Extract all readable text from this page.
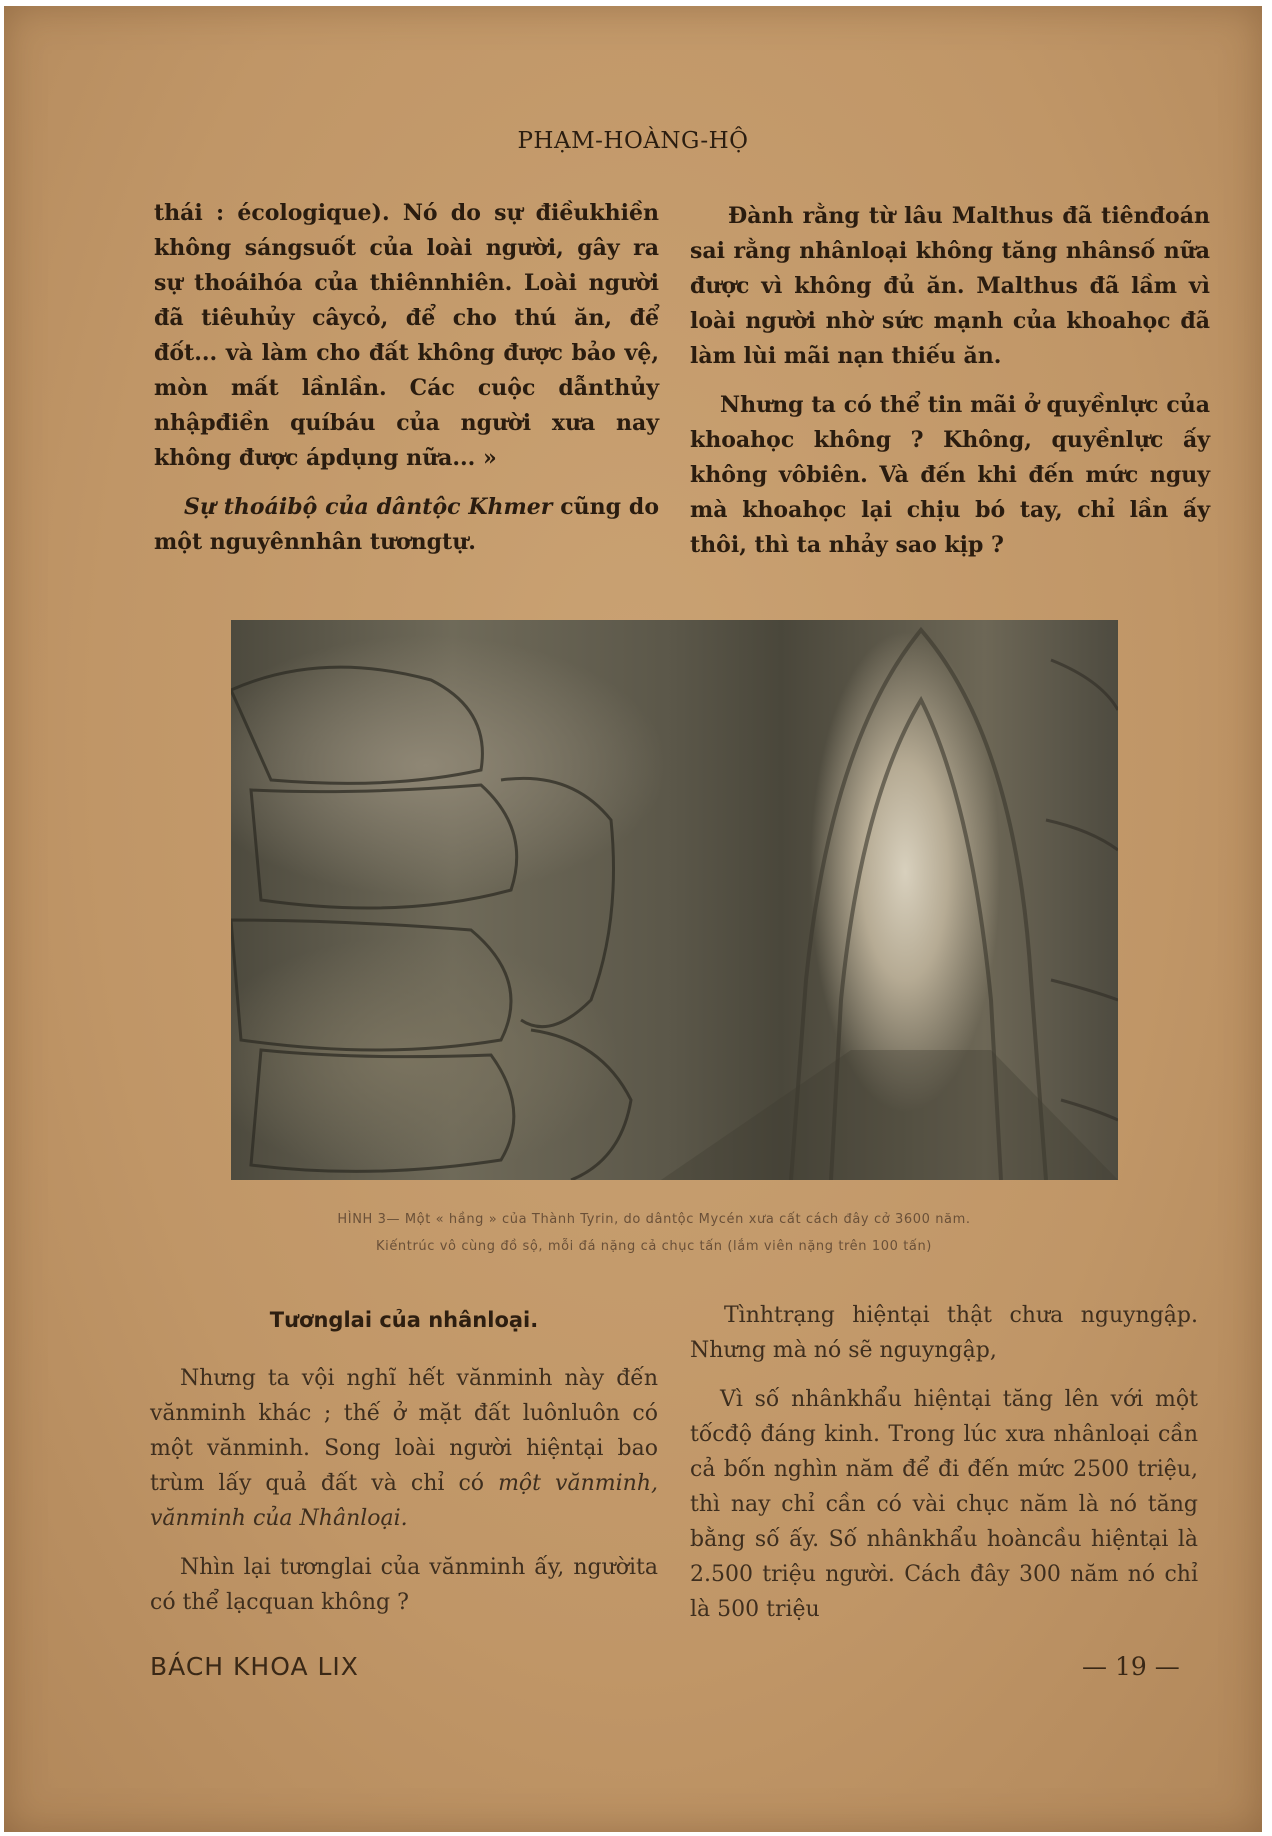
PHẠM-HOÀNG-HỘ

thái : écologique). Nó do sự điềukhiền không sángsuốt của loài người, gây ra sự thoáihóa của thiênnhiên. Loài người đã tiêuhủy câycỏ, để cho thú ăn, để đốt... và làm cho đất không được bảo vệ, mòn mất lầnlần. Các cuộc dẫnthủy nhậpđiền quíbáu của người xưa nay không được ápdụng nữa... »

Sự thoáibộ của dântộc Khmer cũng do một nguyênnhân tươngtự.

Đành rằng từ lâu Malthus đã tiênđoán sai rằng nhânloại không tăng nhânsố nữa được vì không đủ ăn. Malthus đã lầm vì loài người nhờ sức mạnh của khoahọc đã làm lùi mãi nạn thiếu ăn.

Nhưng ta có thể tin mãi ở quyềnlực của khoahọc không ? Không, quyềnlực ấy không vôbiên. Và đến khi đến mức nguy mà khoahọc lại chịu bó tay, chỉ lần ấy thôi, thì ta nhảy sao kịp ?

HÌNH 3— Một « hầng » của Thành Tyrin, do dântộc Mycén xưa cất cách đây cở 3600 năm.
Kiếntrúc vô cùng đồ sộ, mỗi đá nặng cả chục tấn (lắm viên nặng trên 100 tấn)
Tươnglai của nhânloại.

Nhưng ta vội nghĩ hết vănminh này đến vănminh khác ; thế ở mặt đất luônluôn có một vănminh. Song loài người hiệntại bao trùm lấy quả đất và chỉ có một vănminh, vănminh của Nhânloại.

Nhìn lại tươnglai của vănminh ấy, ngườita có thể lạcquan không ?

Tìnhtrạng hiệntại thật chưa nguyngập. Nhưng mà nó sẽ nguyngập,

Vì số nhânkhẩu hiệntại tăng lên với một tốcđộ đáng kinh. Trong lúc xưa nhânloại cần cả bốn nghìn năm để đi đến mức 2500 triệu, thì nay chỉ cần có vài chục năm là nó tăng bằng số ấy. Số nhânkhẩu hoàncầu hiệntại là 2.500 triệu người. Cách đây 300 năm nó chỉ là 500 triệu

BÁCH KHOA LIX	— 19 —
